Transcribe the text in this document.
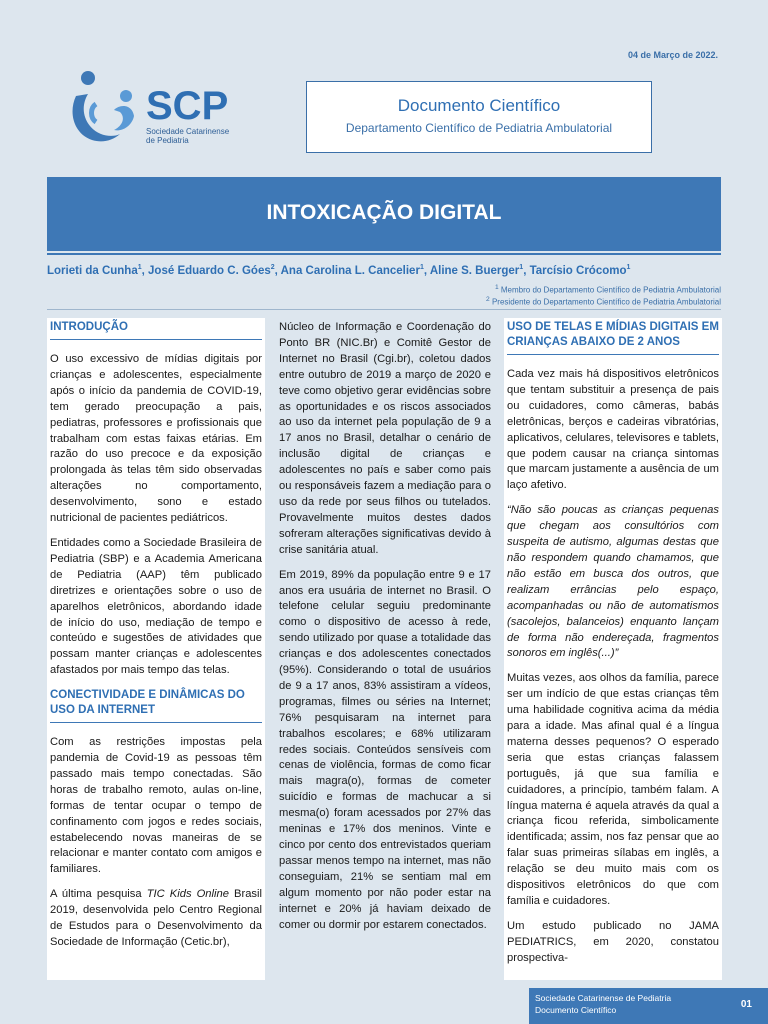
04 de Março de 2022.
SCP
Sociedade Catarinense
de Pediatria
Documento Científico
Departamento Científico de Pediatria Ambulatorial
INTOXICAÇÃO DIGITAL
Lorieti da Cunha$^1$, José Eduardo C. Góes$^2$, Ana Carolina L. Cancelier$^1$, Aline S. Buerger$^1$, Tarcísio Crócomo$^1$
$^1$ Membro do Departamento Científico de Pediatria Ambulatorial
$^2$ Presidente do Departamento Científico de Pediatria Ambulatorial
INTRODUÇÃO

O uso excessivo de mídias digitais por crianças e adolescentes, especialmente após o início da pandemia de COVID-19, tem gerado preocupação a pais, pediatras, professores e profissionais que trabalham com estas faixas etárias. Em razão do uso precoce e da exposição prolongada às telas têm sido observadas alterações no comportamento, desenvolvimento, sono e estado nutricional de pacientes pediátricos.

Entidades como a Sociedade Brasileira de Pediatria (SBP) e a Academia Americana de Pediatria (AAP) têm publicado diretrizes e orientações sobre o uso de aparelhos eletrônicos, abordando idade de início do uso, mediação de tempo e conteúdo e sugestões de atividades que possam manter crianças e adolescentes afastados por mais tempo das telas.

CONECTIVIDADE E DINÂMICAS DO USO DA INTERNET

Com as restrições impostas pela pandemia de Covid-19 as pessoas têm passado mais tempo conectadas. São horas de trabalho remoto, aulas on-line, formas de tentar ocupar o tempo de confinamento com jogos e redes sociais, estabelecendo novas maneiras de se relacionar e manter contato com amigos e familiares.

A última pesquisa TIC Kids Online Brasil 2019, desenvolvida pelo Centro Regional de Estudos para o Desenvolvimento da Sociedade de Informação (Cetic.br),

Núcleo de Informação e Coordenação do Ponto BR (NIC.Br) e Comitê Gestor de Internet no Brasil (Cgi.br), coletou dados entre outubro de 2019 a março de 2020 e teve como objetivo gerar evidências sobre as oportunidades e os riscos associados ao uso da internet pela população de 9 a 17 anos no Brasil, detalhar o cenário de inclusão digital de crianças e adolescentes no país e saber como pais ou responsáveis fazem a mediação para o uso da rede por seus filhos ou tutelados. Provavelmente muitos destes dados sofreram alterações significativas devido à crise sanitária atual.

Em 2019, 89% da população entre 9 e 17 anos era usuária de internet no Brasil. O telefone celular seguiu predominante como o dispositivo de acesso à rede, sendo utilizado por quase a totalidade das crianças e dos adolescentes conectados (95%). Considerando o total de usuários de 9 a 17 anos, 83% assistiram a vídeos, programas, filmes ou séries na Internet; 76% pesquisaram na internet para trabalhos escolares; e 68% utilizaram redes sociais. Conteúdos sensíveis com cenas de violência, formas de como ficar mais magra(o), formas de cometer suicídio e formas de machucar a si mesma(o) foram acessados por 27% das meninas e 17% dos meninos. Vinte e cinco por cento dos entrevistados queriam passar menos tempo na internet, mas não conseguiam, 21% se sentiam mal em algum momento por não poder estar na internet e 20% já haviam deixado de comer ou dormir por estarem conectados.

USO DE TELAS E MÍDIAS DIGITAIS EM CRIANÇAS ABAIXO DE 2 ANOS

Cada vez mais há dispositivos eletrônicos que tentam substituir a presença de pais ou cuidadores, como câmeras, babás eletrônicas, berços e cadeiras vibratórias, aplicativos, celulares, televisores e tablets, que podem causar na criança sintomas que marcam justamente a ausência de um laço afetivo.

“Não são poucas as crianças pequenas que chegam aos consultórios com suspeita de autismo, algumas destas que não respondem quando chamamos, que não estão em busca dos outros, que realizam errâncias pelo espaço, acompanhadas ou não de automatismos (sacolejos, balanceios) enquanto lançam de forma não endereçada, fragmentos sonoros em inglês(...)”

Muitas vezes, aos olhos da família, parece ser um indício de que estas crianças têm uma habilidade cognitiva acima da média para a idade. Mas afinal qual é a língua materna desses pequenos? O esperado seria que estas crianças falassem português, já que sua família e cuidadores, a princípio, também falam. A língua materna é aquela através da qual a criança ficou referida, simbolicamente identificada; assim, nos faz pensar que ao falar suas primeiras sílabas em inglês, a relação se deu muito mais com os dispositivos eletrônicos do que com família e cuidadores.

Um estudo publicado no JAMA PEDIATRICS, em 2020, constatou prospectiva-

Sociedade Catarinense de Pediatria
Documento Científico	01
